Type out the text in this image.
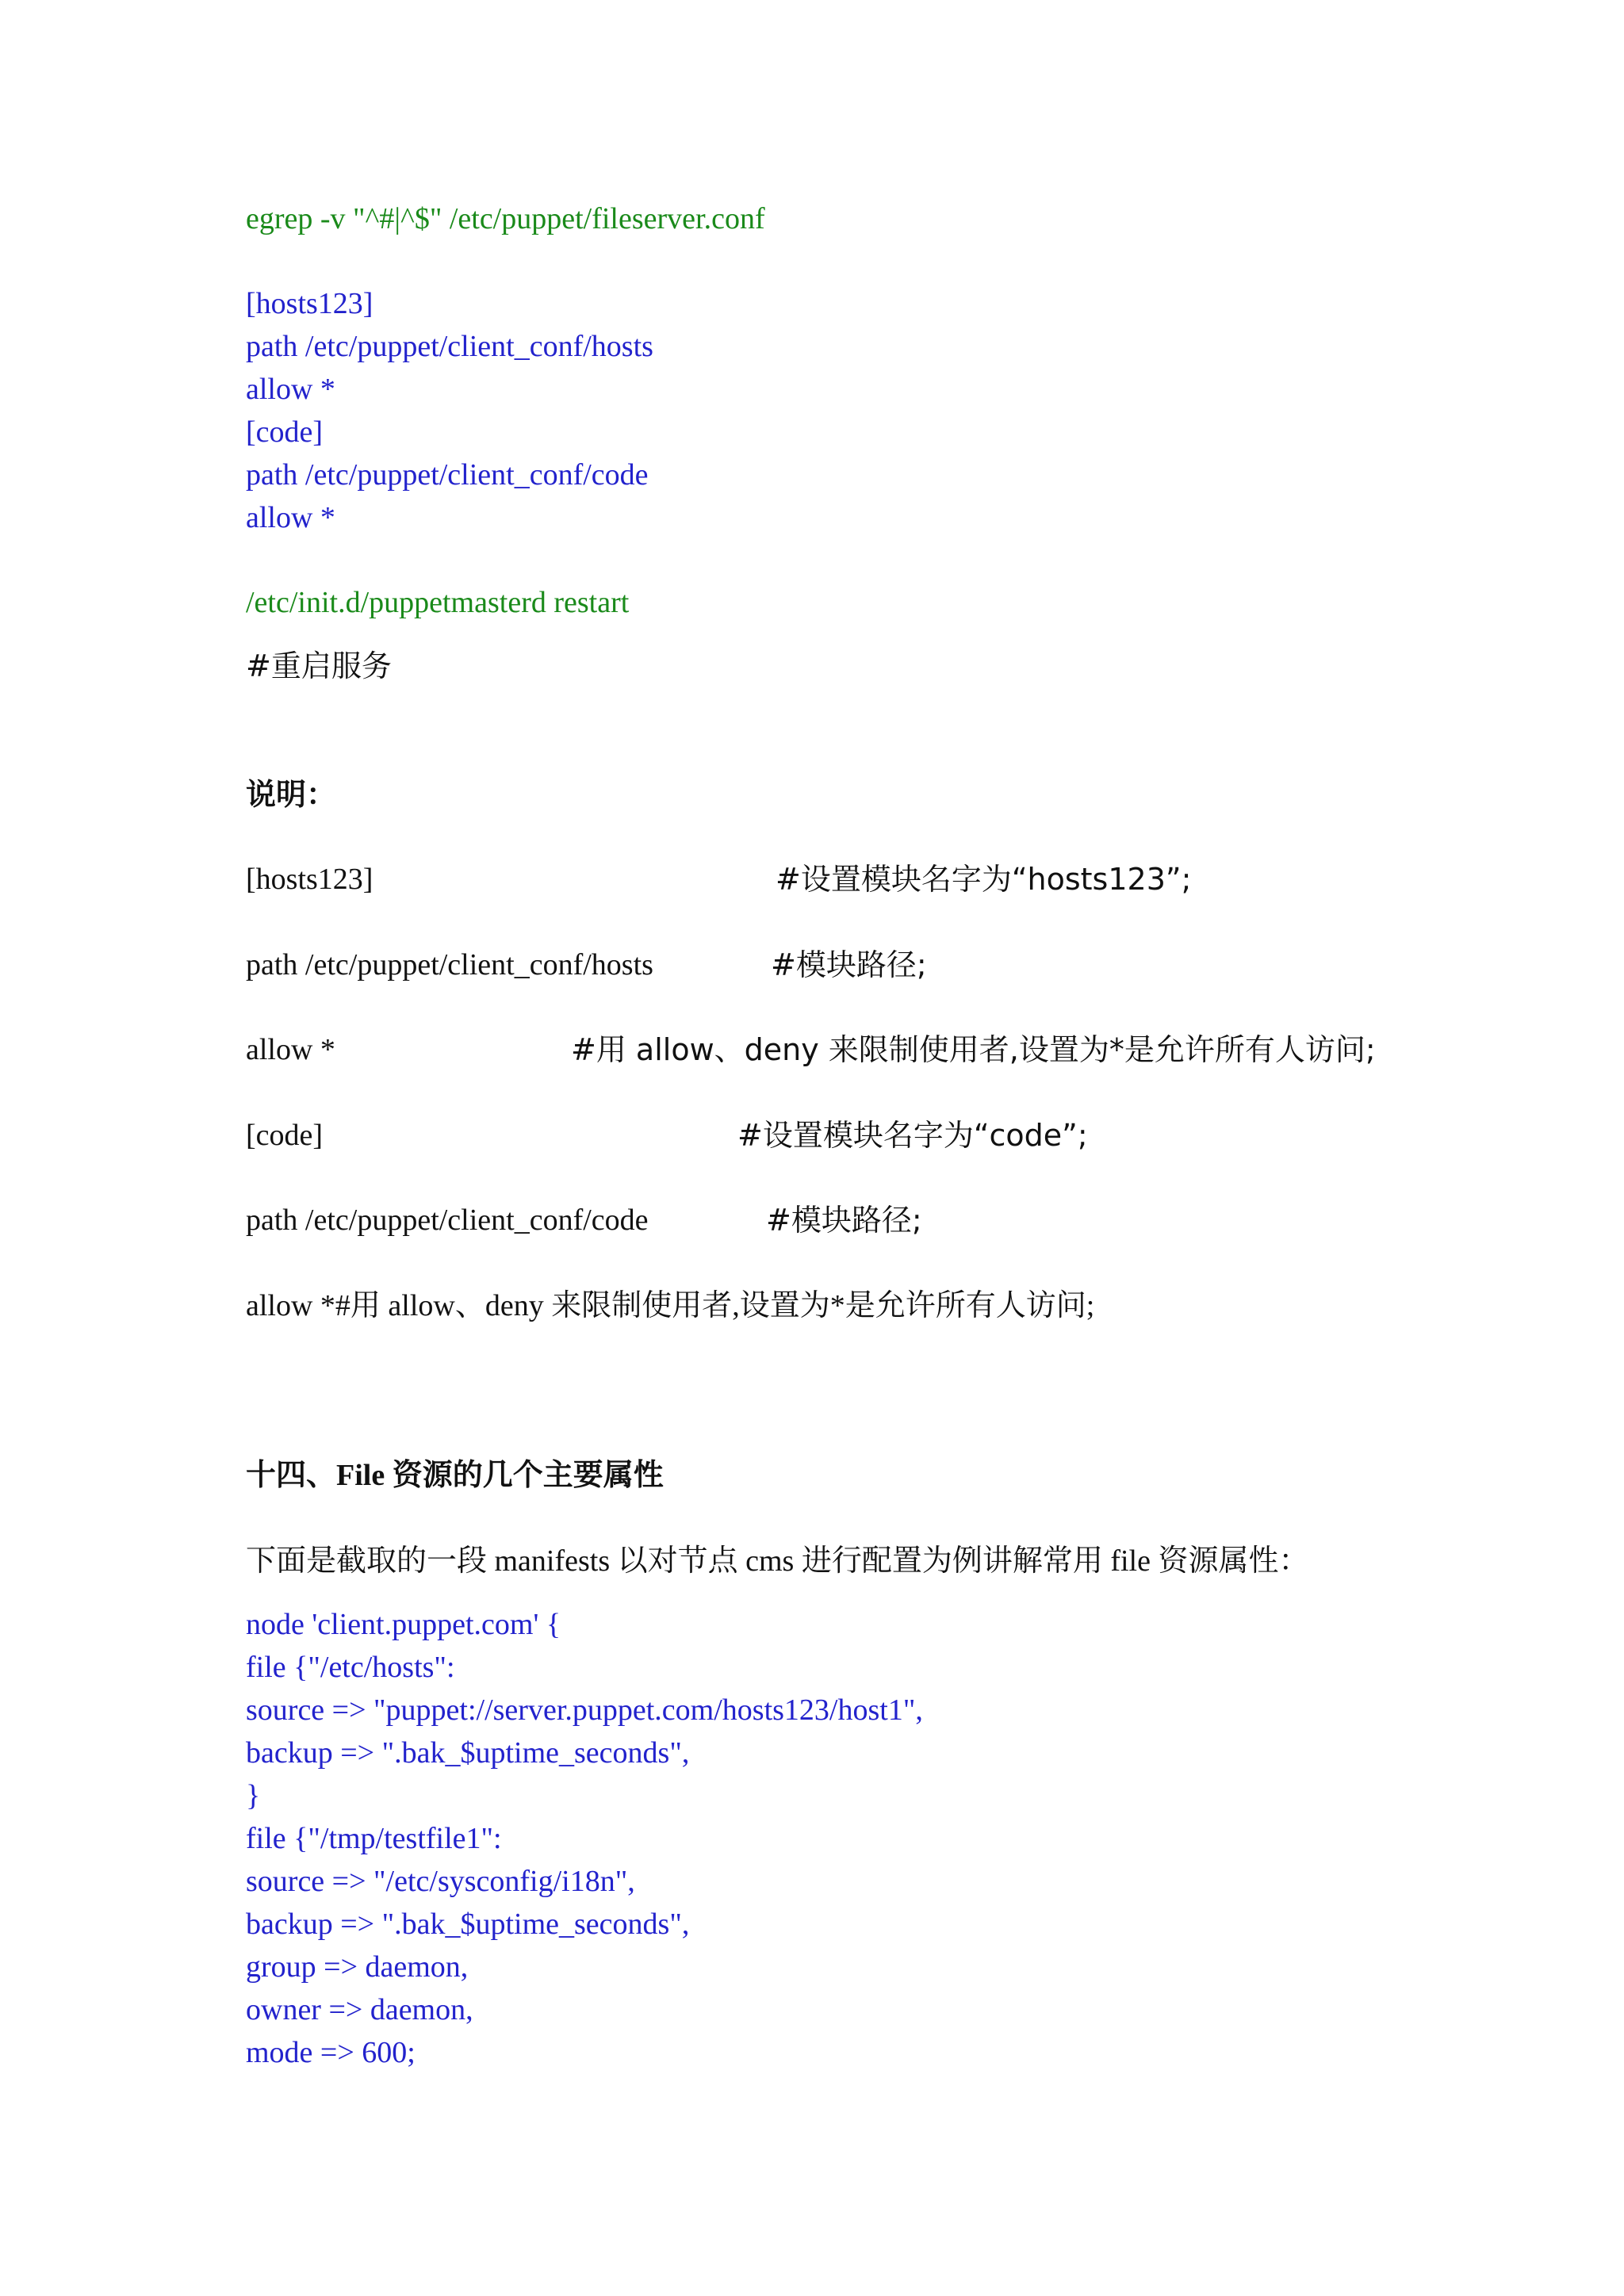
egrep -v "^#|^$" /etc/puppet/fileserver.conf
[hosts123]
path /etc/puppet/client_conf/hosts
allow *
[code]
path /etc/puppet/client_conf/code
allow *
/etc/init.d/puppetmasterd restart
#重启服务
说明：
[hosts123]	#设置模块名字为“hosts123”;
path /etc/puppet/client_conf/hosts	#模块路径;
allow *	#用 allow、deny 来限制使用者,设置为*是允许所有人访问;
[code]	#设置模块名字为“code”;
path /etc/puppet/client_conf/code	#模块路径;
allow *#用 allow、deny 来限制使用者,设置为*是允许所有人访问;
十四、File 资源的几个主要属性
下面是截取的一段 manifests 以对节点 cms 进行配置为例讲解常用 file 资源属性：
node 'client.puppet.com' {
file {"/etc/hosts":
source => "puppet://server.puppet.com/hosts123/host1",
backup => ".bak_$uptime_seconds",
}
file {"/tmp/testfile1":
source => "/etc/sysconfig/i18n",
backup => ".bak_$uptime_seconds",
group => daemon,
owner => daemon,
mode => 600;
